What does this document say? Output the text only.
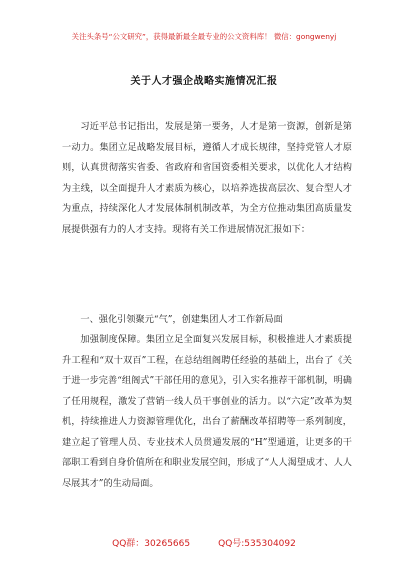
关注头条号“公文研究”，获得最新最全最专业的公文资料库！ 微信：gongwenyj
关于人才强企战略实施情况汇报

习近平总书记指出，发展是第一要务，人才是第一资源，创新是第一动力。集团立足战略发展目标，遵循人才成长规律，坚持党管人才原则，认真贯彻落实省委、省政府和省国资委相关要求，以优化人才结构为主线，以全面提升人才素质为核心，以培养选拔高层次、复合型人才为重点，持续深化人才发展体制机制改革，为全方位推动集团高质量发展提供强有力的人才支持。现将有关工作进展情况汇报如下：

一、强化引领聚元“气”，创建集团人才工作新局面

加强制度保障。集团立足全面复兴发展目标，积极推进人才素质提升工程和“双十双百”工程，在总结组阁聘任经验的基础上，出台了《关于进一步完善“组阁式”干部任用的意见》，引入实名推荐干部机制，明确了任用规程，激发了营销一线人员干事创业的活力。以“六定”改革为契机，持续推进人力资源管理优化，出台了薪酬改革招聘等一系列制度，建立起了管理人员、专业技术人员贯通发展的“H”型通道，让更多的干部职工看到自身价值所在和职业发展空间，形成了“人人渴望成才、人人尽展其才”的生动局面。

QQ群：30265665	QQ号:535304092
